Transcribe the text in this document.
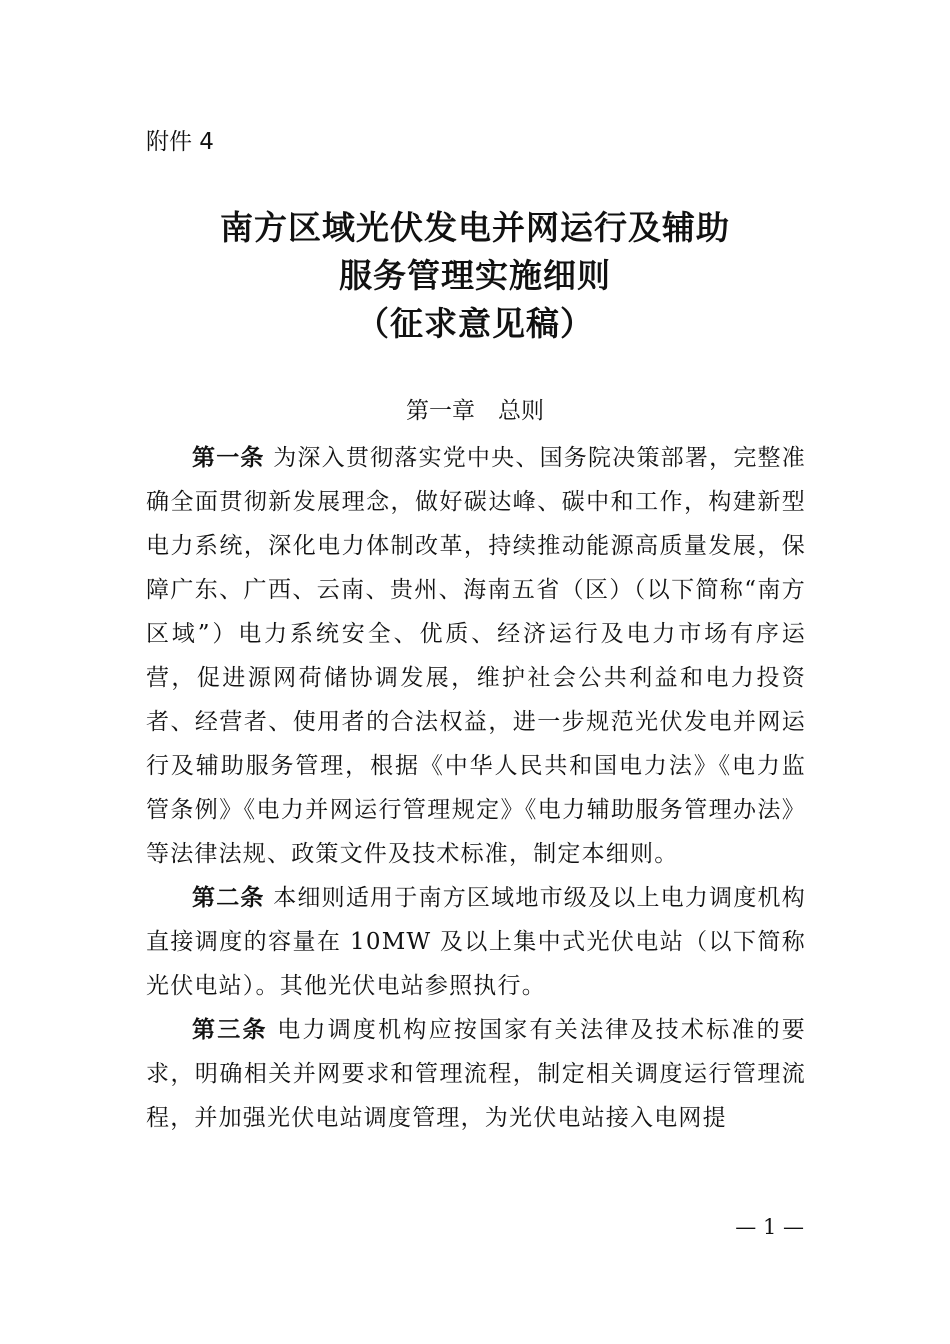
附件 4

南方区域光伏发电并网运行及辅助
服务管理实施细则
（征求意见稿）

第一章　总则

第一条 为深入贯彻落实党中央、国务院决策部署，完整准确全面贯彻新发展理念，做好碳达峰、碳中和工作，构建新型电力系统，深化电力体制改革，持续推动能源高质量发展，保障广东、广西、云南、贵州、海南五省（区）（以下简称“南方区域”）电力系统安全、优质、经济运行及电力市场有序运营，促进源网荷储协调发展，维护社会公共利益和电力投资者、经营者、使用者的合法权益，进一步规范光伏发电并网运行及辅助服务管理，根据《中华人民共和国电力法》《电力监管条例》《电力并网运行管理规定》《电力辅助服务管理办法》等法律法规、政策文件及技术标准，制定本细则。

第二条 本细则适用于南方区域地市级及以上电力调度机构直接调度的容量在 10MW 及以上集中式光伏电站（以下简称光伏电站）。其他光伏电站参照执行。

第三条 电力调度机构应按国家有关法律及技术标准的要求，明确相关并网要求和管理流程，制定相关调度运行管理流程，并加强光伏电站调度管理，为光伏电站接入电网提

— 1 —
